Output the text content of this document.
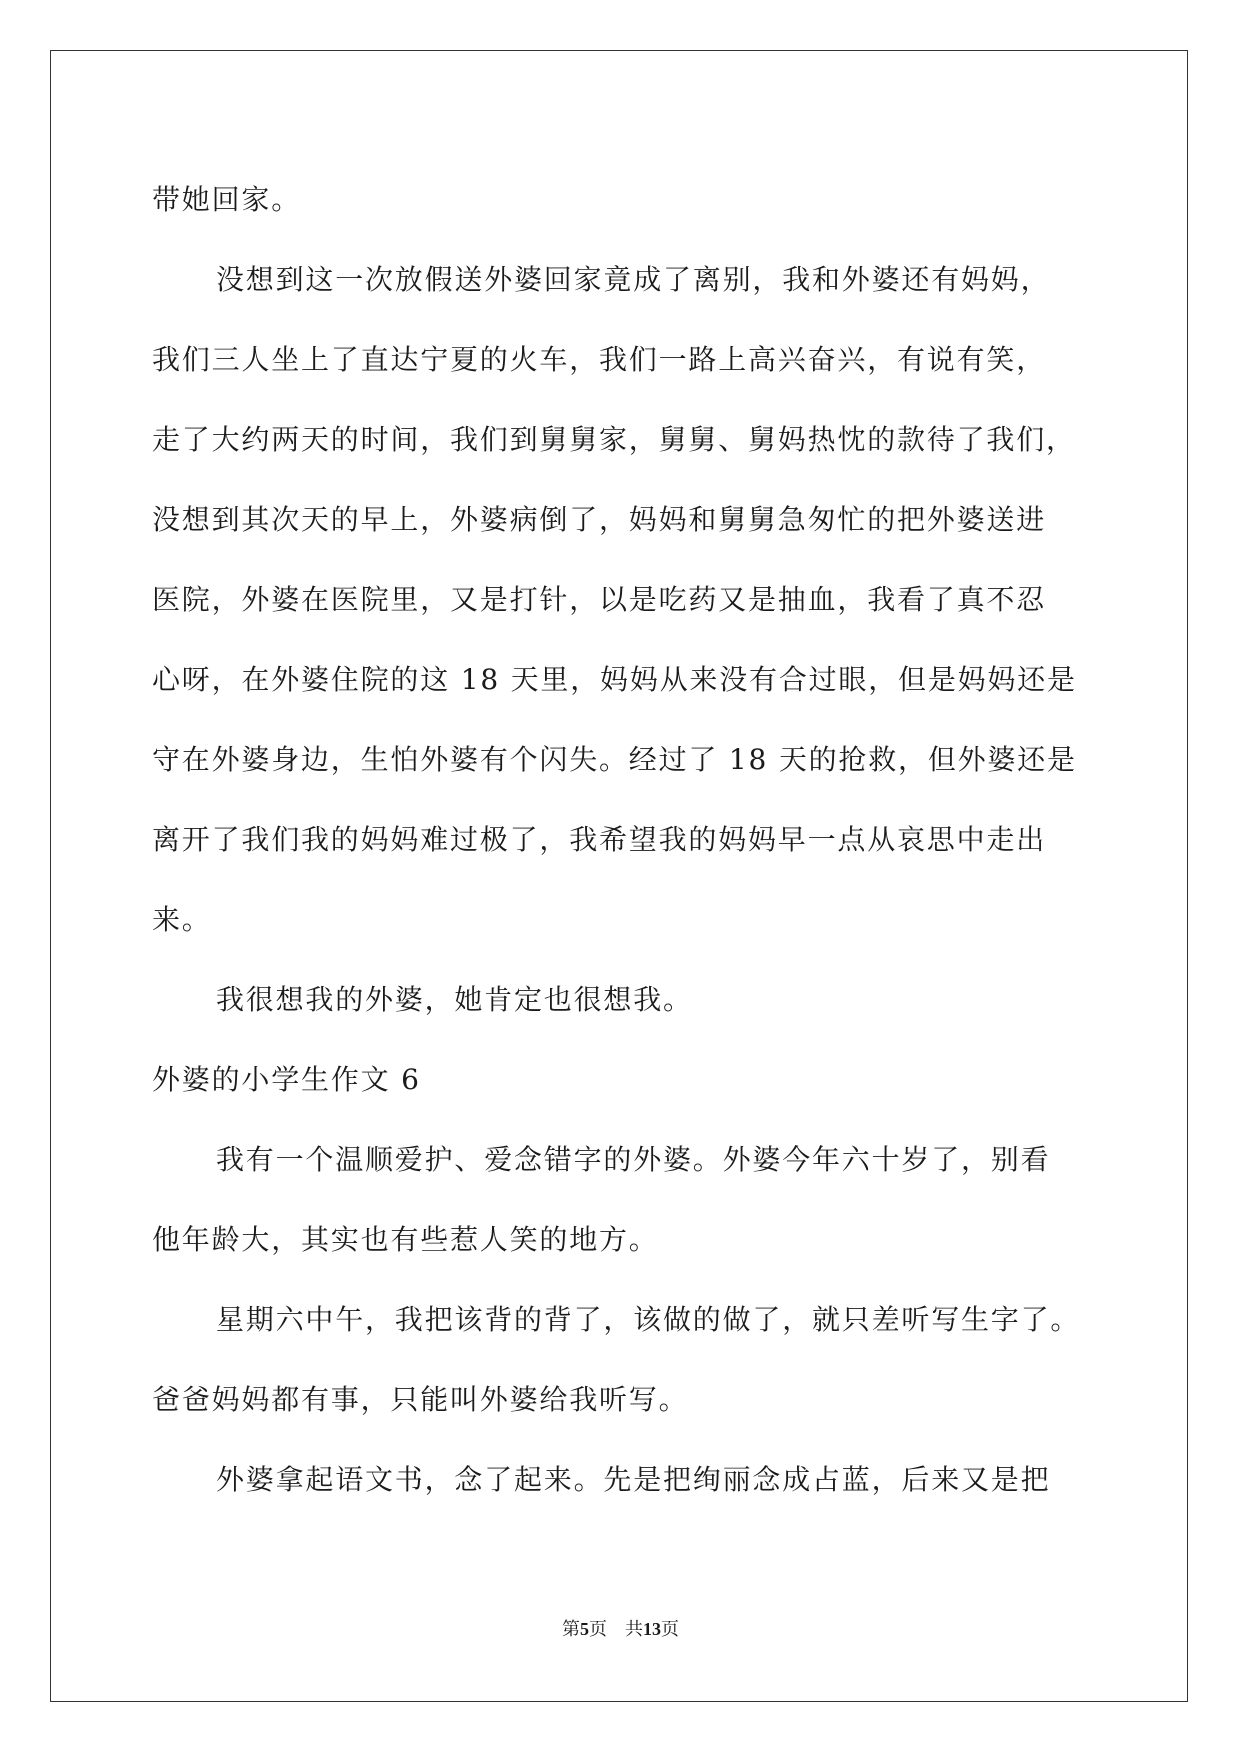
带她回家。
没想到这一次放假送外婆回家竟成了离别，我和外婆还有妈妈，
我们三人坐上了直达宁夏的火车，我们一路上高兴奋兴，有说有笑，
走了大约两天的时间，我们到舅舅家，舅舅、舅妈热忱的款待了我们，
没想到其次天的早上，外婆病倒了，妈妈和舅舅急匆忙的把外婆送进
医院，外婆在医院里，又是打针，以是吃药又是抽血，我看了真不忍
心呀，在外婆住院的这 18 天里，妈妈从来没有合过眼，但是妈妈还是
守在外婆身边，生怕外婆有个闪失。经过了 18 天的抢救，但外婆还是
离开了我们我的妈妈难过极了，我希望我的妈妈早一点从哀思中走出
来。
我很想我的外婆，她肯定也很想我。
外婆的小学生作文 6
我有一个温顺爱护、爱念错字的外婆。外婆今年六十岁了，别看
他年龄大，其实也有些惹人笑的地方。
星期六中午，我把该背的背了，该做的做了，就只差听写生字了。
爸爸妈妈都有事，只能叫外婆给我听写。
外婆拿起语文书，念了起来。先是把绚丽念成占蓝，后来又是把
第5页 共13页
